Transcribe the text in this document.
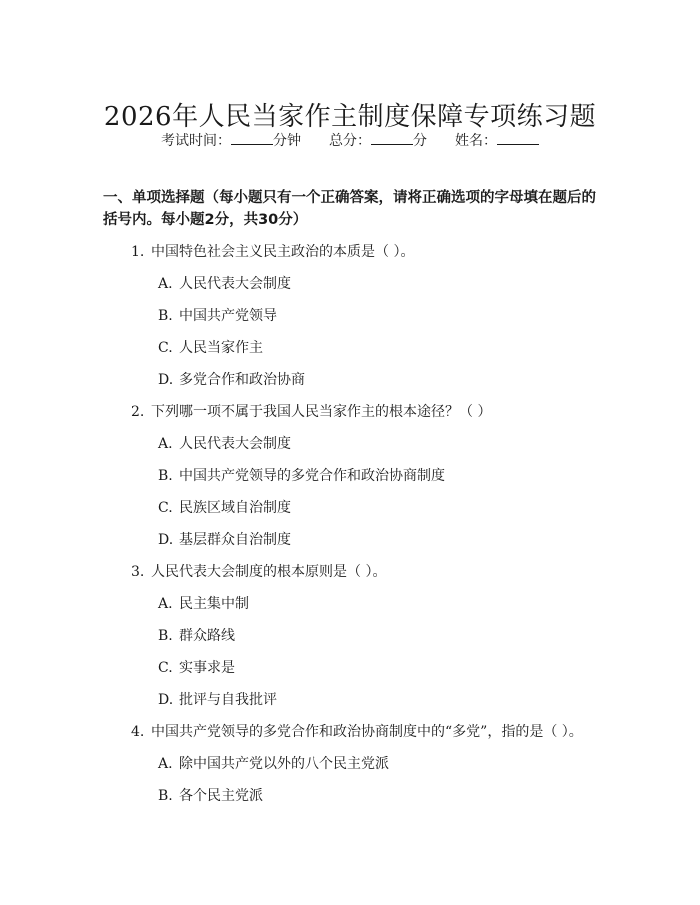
2026年人民当家作主制度保障专项练习题
考试时间：	分钟 总分：	分 姓名：
一、单项选择题（每小题只有一个正确答案，请将正确选项的字母填在题后的括号内。每小题2分，共30分）
1. 中国特色社会主义民主政治的本质是（ ）。
A. 人民代表大会制度
B. 中国共产党领导
C. 人民当家作主
D. 多党合作和政治协商
2. 下列哪一项不属于我国人民当家作主的根本途径？（ ）
A. 人民代表大会制度
B. 中国共产党领导的多党合作和政治协商制度
C. 民族区域自治制度
D. 基层群众自治制度
3. 人民代表大会制度的根本原则是（ ）。
A. 民主集中制
B. 群众路线
C. 实事求是
D. 批评与自我批评
4. 中国共产党领导的多党合作和政治协商制度中的“多党”，指的是（ ）。
A. 除中国共产党以外的八个民主党派
B. 各个民主党派
